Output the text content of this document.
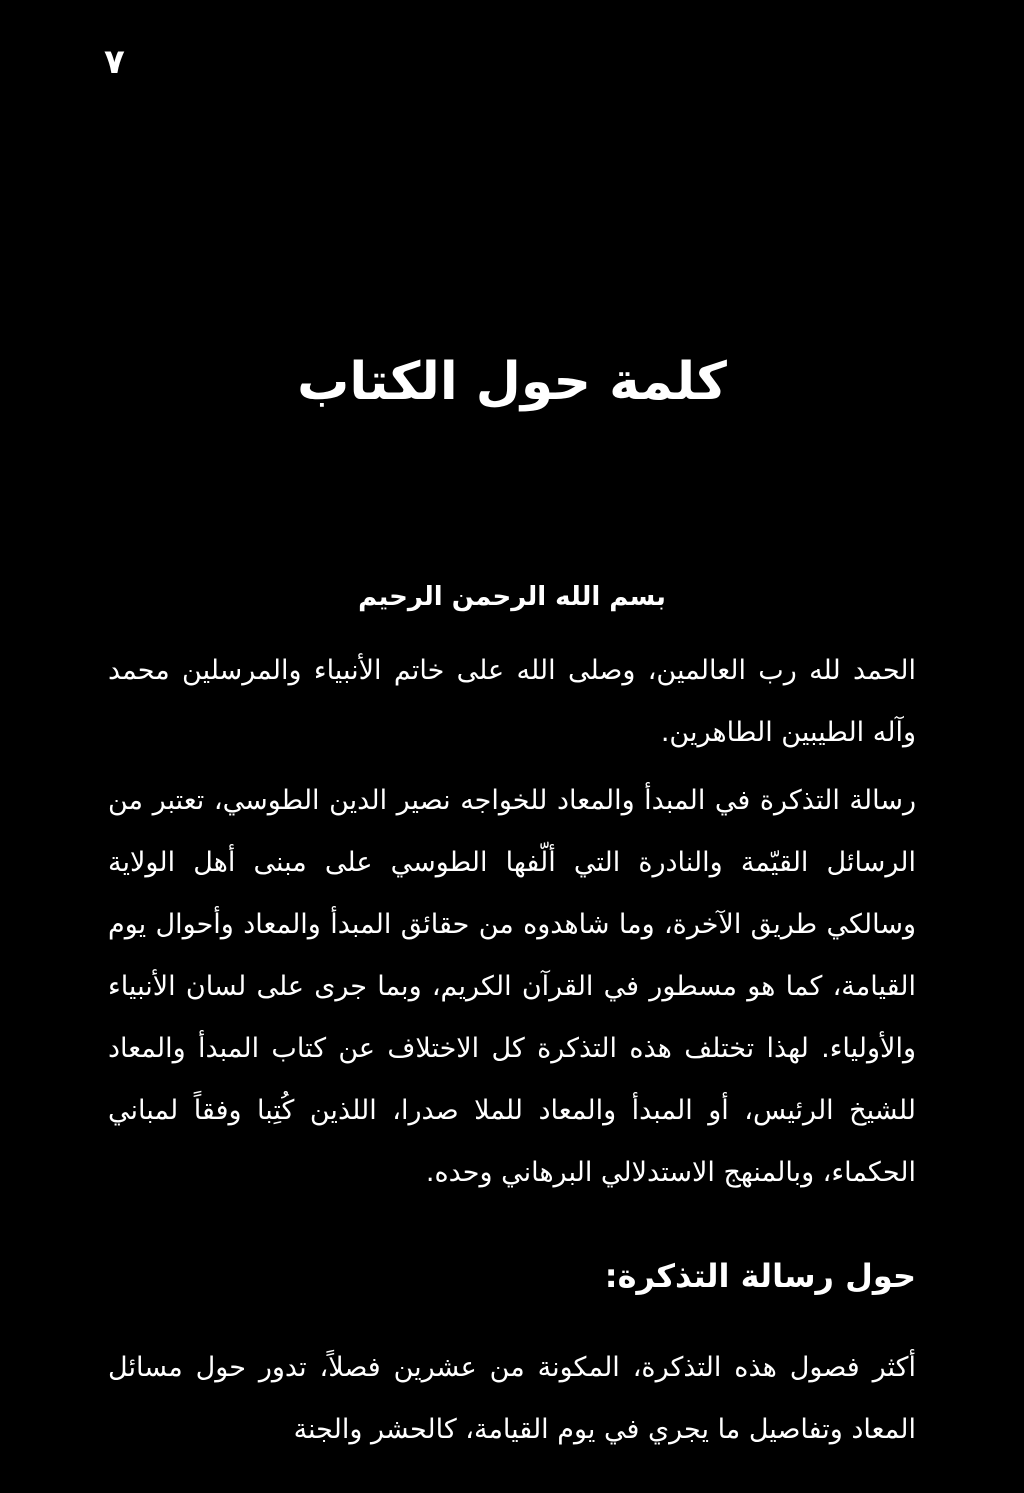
٧
كلمة حول الكتاب
بسم الله الرحمن الرحيم
الحمد لله رب العالمين، وصلى الله على خاتم الأنبياء والمرسلين محمد وآله الطيبين الطاهرين.
رسالة التذكرة في المبدأ والمعاد للخواجه نصير الدين الطوسي، تعتبر من الرسائل القيّمة والنادرة التي ألّفها الطوسي على مبنى أهل الولاية وسالكي طريق الآخرة، وما شاهدوه من حقائق المبدأ والمعاد وأحوال يوم القيامة، كما هو مسطور في القرآن الكريم، وبما جرى على لسان الأنبياء والأولياء. لهذا تختلف هذه التذكرة كل الاختلاف عن كتاب المبدأ والمعاد للشيخ الرئيس، أو المبدأ والمعاد للملا صدرا، اللذين كُتِبا وفقاً لمباني الحكماء، وبالمنهج الاستدلالي البرهاني وحده.
حول رسالة التذكرة:
أكثر فصول هذه التذكرة، المكونة من عشرين فصلاً، تدور حول مسائل المعاد وتفاصيل ما يجري في يوم القيامة، كالحشر والجنة
